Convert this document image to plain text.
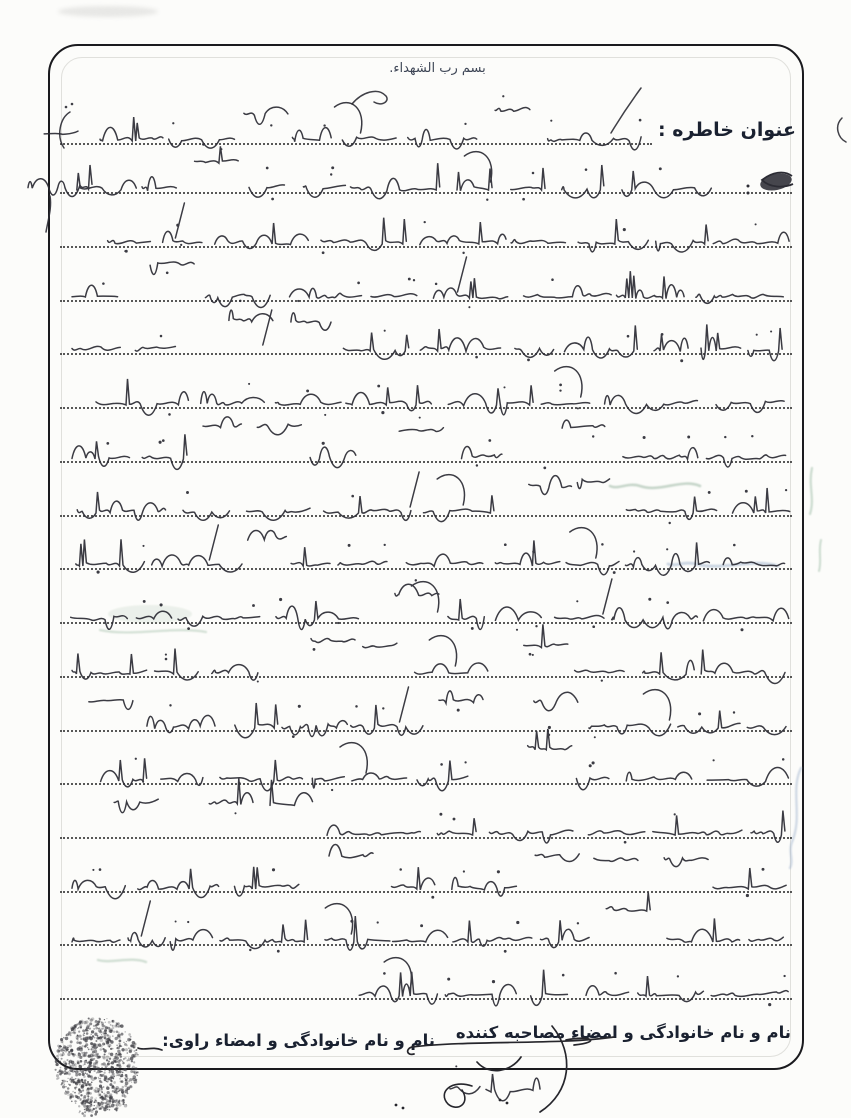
بسم رب الشهداء.
عنوان خاطره :
نام و نام خانوادگی و امضاء مصاحبه کننده
نام و نام خانوادگی و امضاء راوی:
